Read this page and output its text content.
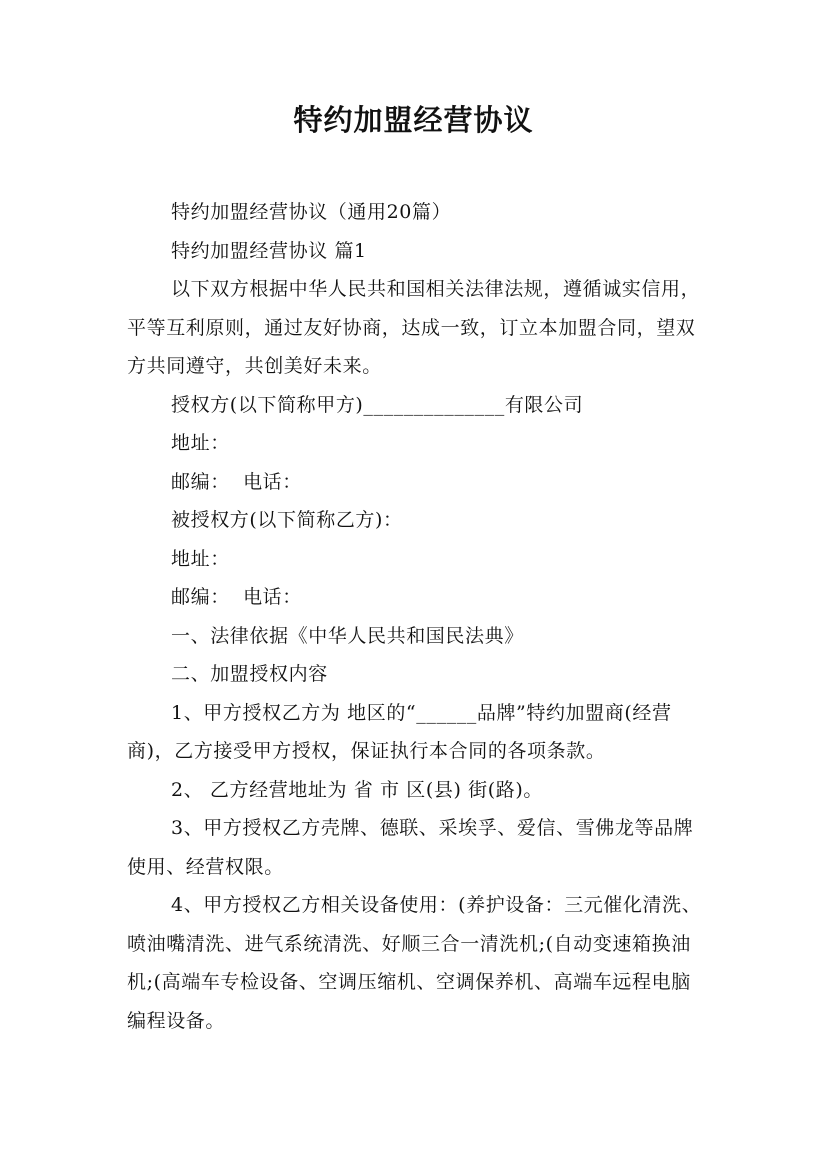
特约加盟经营协议

特约加盟经营协议（通用20篇）

特约加盟经营协议 篇1

以下双方根据中华人民共和国相关法律法规，遵循诚实信用，平等互利原则，通过友好协商，达成一致，订立本加盟合同，望双方共同遵守，共创美好未来。

授权方(以下简称甲方)______________有限公司

地址：

邮编：  电话：

被授权方(以下简称乙方)：

地址：

邮编：  电话：

一、法律依据《中华人民共和国民法典》

二、加盟授权内容

1、甲方授权乙方为 地区的“______品牌”特约加盟商(经营商)，乙方接受甲方授权，保证执行本合同的各项条款。

2、 乙方经营地址为 省 市 区(县) 街(路)。

3、甲方授权乙方壳牌、德联、采埃孚、爱信、雪佛龙等品牌使用、经营权限。

4、甲方授权乙方相关设备使用：(养护设备：三元催化清洗、喷油嘴清洗、进气系统清洗、好顺三合一清洗机;(自动变速箱换油机;(高端车专检设备、空调压缩机、空调保养机、高端车远程电脑编程设备。
